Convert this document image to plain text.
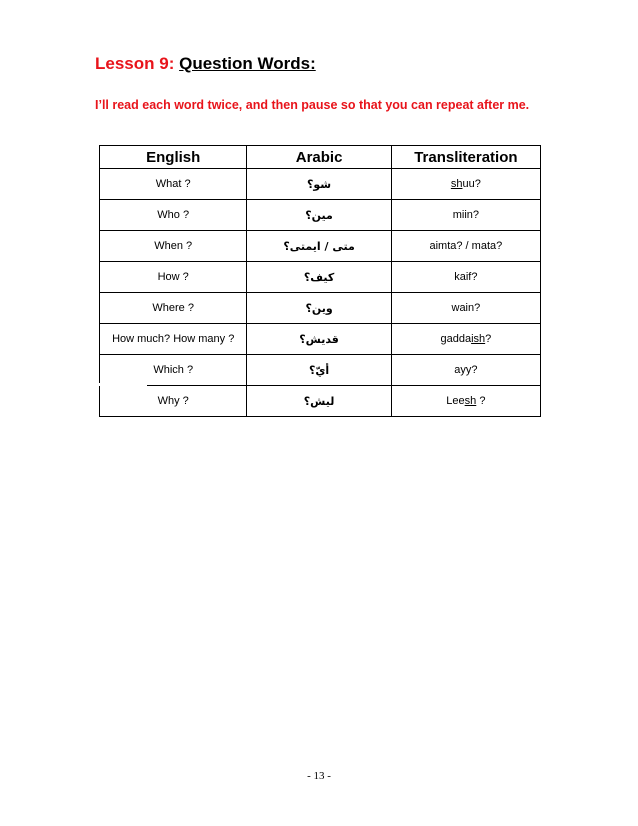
Lesson 9: Question Words:
I’ll read each word twice, and then pause so that you can repeat after me.
English	Arabic	Transliteration
What ?	شو؟	shuu?
Who ?	مين؟	miin?
When ?	متى / ايمتى؟	aimta? / mata?
How ?	كيف؟	kaif?
Where ?	وين؟	wain?
How much? How many ?	قديش؟	gaddaish?
Which ?	أيّ؟	ayy?
Why ?	ليش؟	Leesh ?
- 13 -
